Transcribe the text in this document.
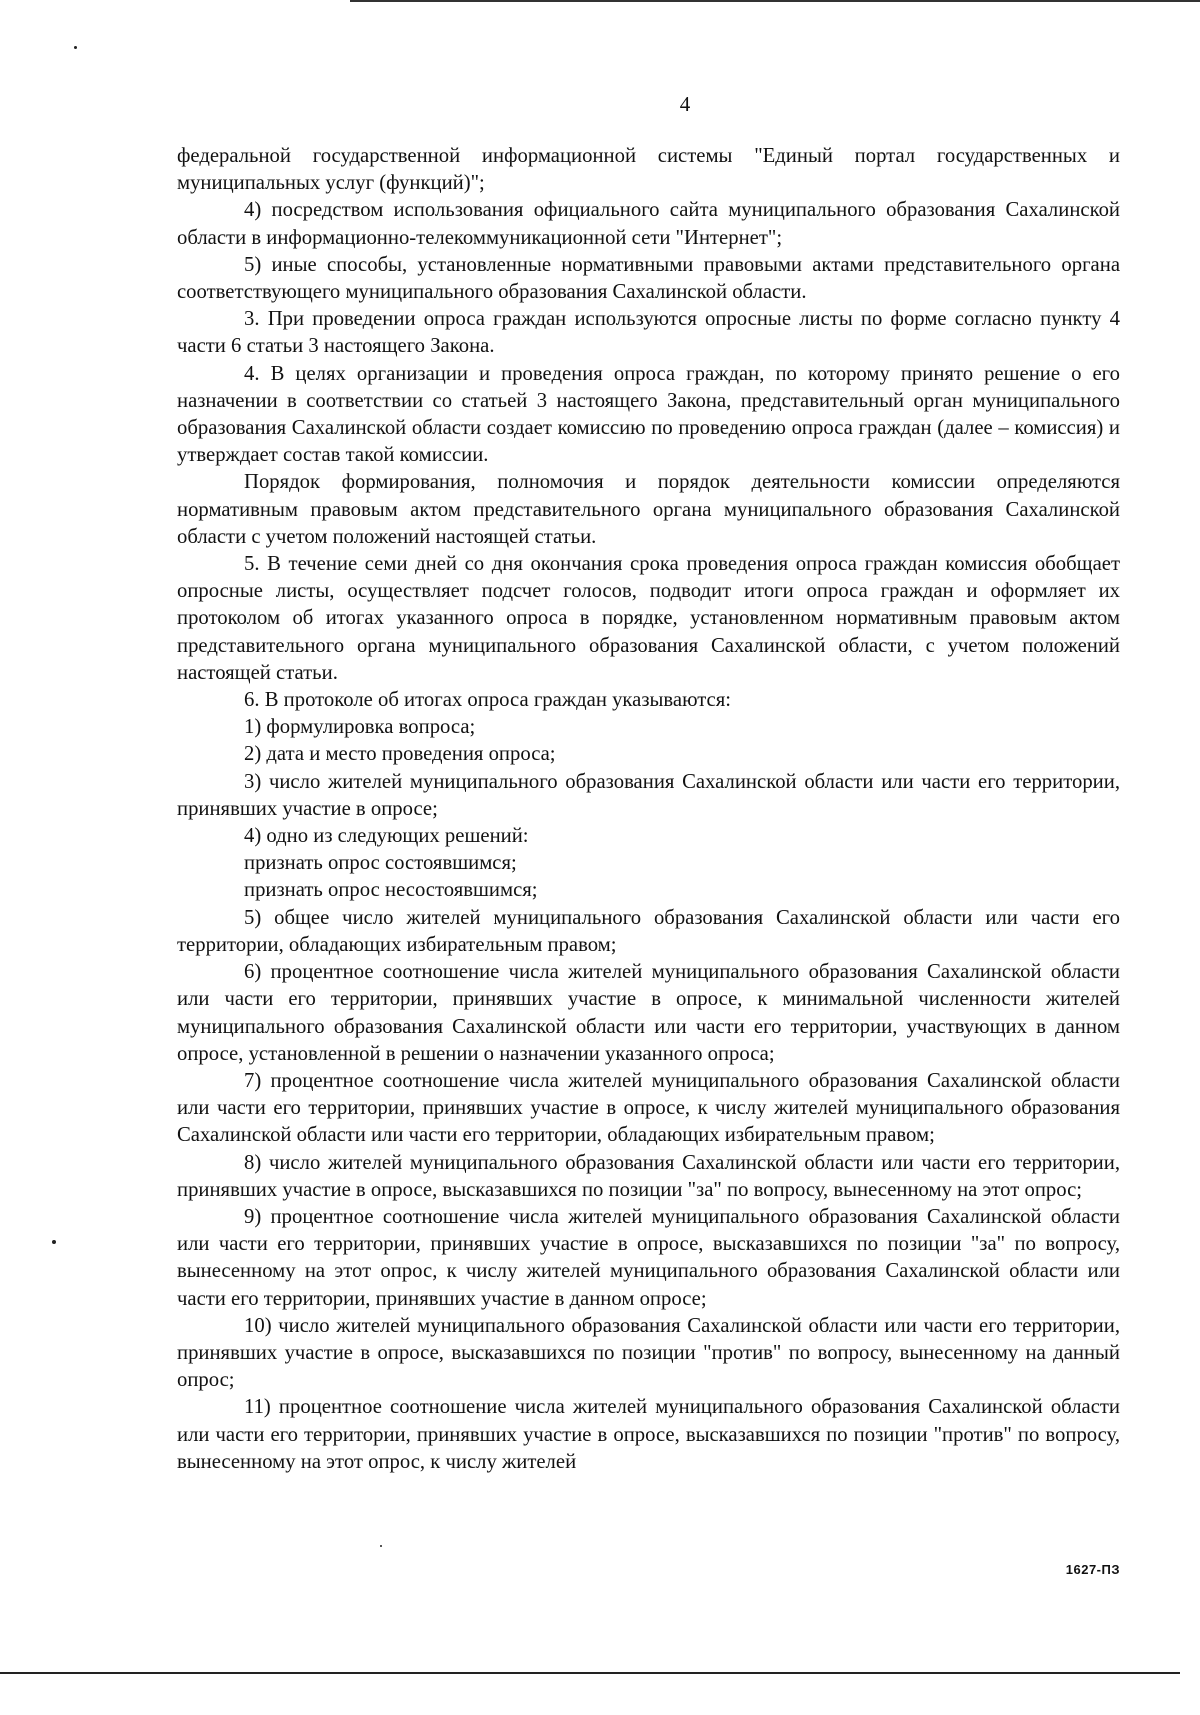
4

федеральной государственной информационной системы "Единый портал государственных и муниципальных услуг (функций)";

4) посредством использования официального сайта муниципального образования Сахалинской области в информационно-телекоммуникационной сети "Интернет";

5) иные способы, установленные нормативными правовыми актами представительного органа соответствующего муниципального образования Сахалинской области.

3. При проведении опроса граждан используются опросные листы по форме согласно пункту 4 части 6 статьи 3 настоящего Закона.

4. В целях организации и проведения опроса граждан, по которому принято решение о его назначении в соответствии со статьей 3 настоящего Закона, представительный орган муниципального образования Сахалинской области создает комиссию по проведению опроса граждан (далее – комиссия) и утверждает состав такой комиссии.

Порядок формирования, полномочия и порядок деятельности комиссии определяются нормативным правовым актом представительного органа муниципального образования Сахалинской области с учетом положений настоящей статьи.

5. В течение семи дней со дня окончания срока проведения опроса граждан комиссия обобщает опросные листы, осуществляет подсчет голосов, подводит итоги опроса граждан и оформляет их протоколом об итогах указанного опроса в порядке, установленном нормативным правовым актом представительного органа муниципального образования Сахалинской области, с учетом положений настоящей статьи.

6. В протоколе об итогах опроса граждан указываются:

1) формулировка вопроса;

2) дата и место проведения опроса;

3) число жителей муниципального образования Сахалинской области или части его территории, принявших участие в опросе;

4) одно из следующих решений:

признать опрос состоявшимся;

признать опрос несостоявшимся;

5) общее число жителей муниципального образования Сахалинской области или части его территории, обладающих избирательным правом;

6) процентное соотношение числа жителей муниципального образования Сахалинской области или части его территории, принявших участие в опросе, к минимальной численности жителей муниципального образования Сахалинской области или части его территории, участвующих в данном опросе, установленной в решении о назначении указанного опроса;

7) процентное соотношение числа жителей муниципального образования Сахалинской области или части его территории, принявших участие в опросе, к числу жителей муниципального образования Сахалинской области или части его территории, обладающих избирательным правом;

8) число жителей муниципального образования Сахалинской области или части его территории, принявших участие в опросе, высказавшихся по позиции "за" по вопросу, вынесенному на этот опрос;

9) процентное соотношение числа жителей муниципального образования Сахалинской области или части его территории, принявших участие в опросе, высказавшихся по позиции "за" по вопросу, вынесенному на этот опрос, к числу жителей муниципального образования Сахалинской области или части его территории, принявших участие в данном опросе;

10) число жителей муниципального образования Сахалинской области или части его территории, принявших участие в опросе, высказавшихся по позиции "против" по вопросу, вынесенному на данный опрос;

11) процентное соотношение числа жителей муниципального образования Сахалинской области или части его территории, принявших участие в опросе, высказавшихся по позиции "против" по вопросу, вынесенному на этот опрос, к числу жителей

1627-ПЗ
